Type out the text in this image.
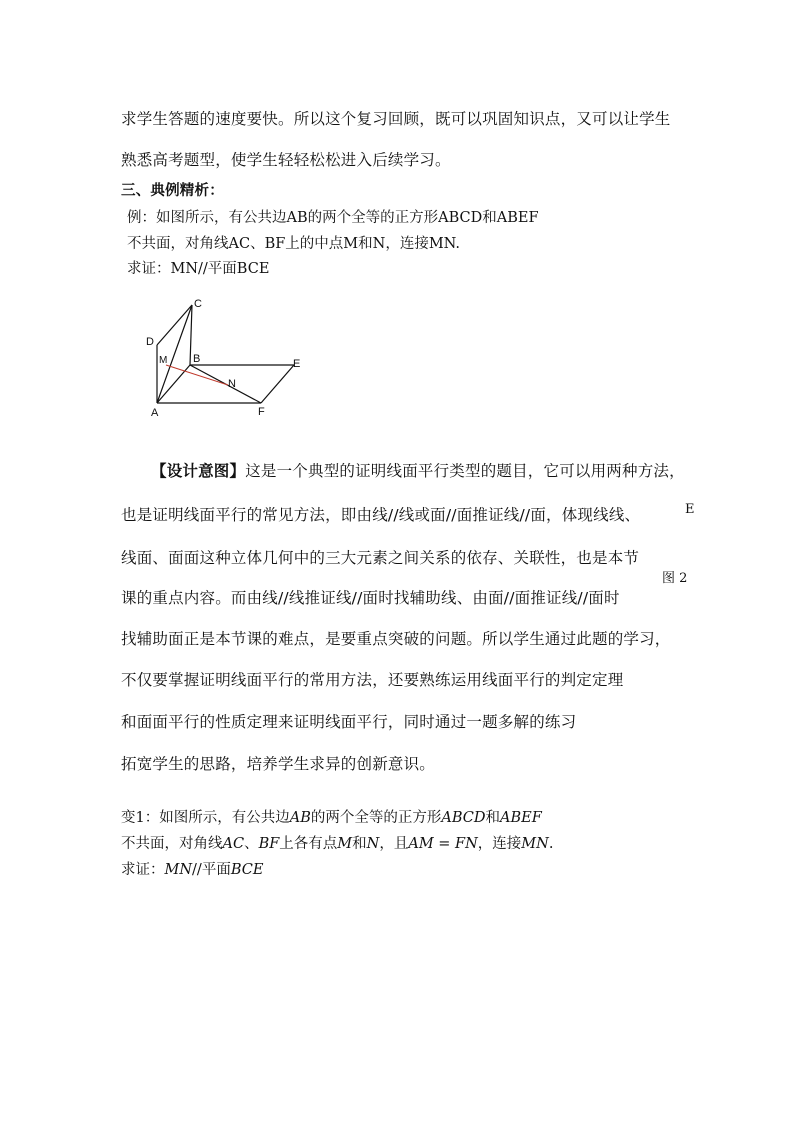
求学生答题的速度要快。所以这个复习回顾，既可以巩固知识点，又可以让学生
熟悉高考题型，使学生轻轻松松进入后续学习。
三、典例精析：
例：如图所示，有公共边AB的两个全等的正方形ABCD和ABEF
不共面，对角线AC、BF上的中点M和N，连接MN.
求证：MN//平面BCE
C
D
M B	E
N
A	F
【设计意图】这是一个典型的证明线面平行类型的题目，它可以用两种方法，
也是证明线面平行的常见方法，即由线//线或面//面推证线//面，体现线线、
线面、面面这种立体几何中的三大元素之间关系的依存、关联性，也是本节
课的重点内容。而由线//线推证线//面时找辅助线、由面//面推证线//面时
找辅助面正是本节课的难点，是要重点突破的问题。所以学生通过此题的学习，
不仅要掌握证明线面平行的常用方法，还要熟练运用线面平行的判定定理
和面面平行的性质定理来证明线面平行，同时通过一题多解的练习
拓宽学生的思路，培养学生求异的创新意识。
E
图 2
变1：如图所示，有公共边AB的两个全等的正方形ABCD和ABEF
不共面，对角线AC、BF上各有点M和N，且AM = FN，连接MN.
求证：MN//平面BCE
